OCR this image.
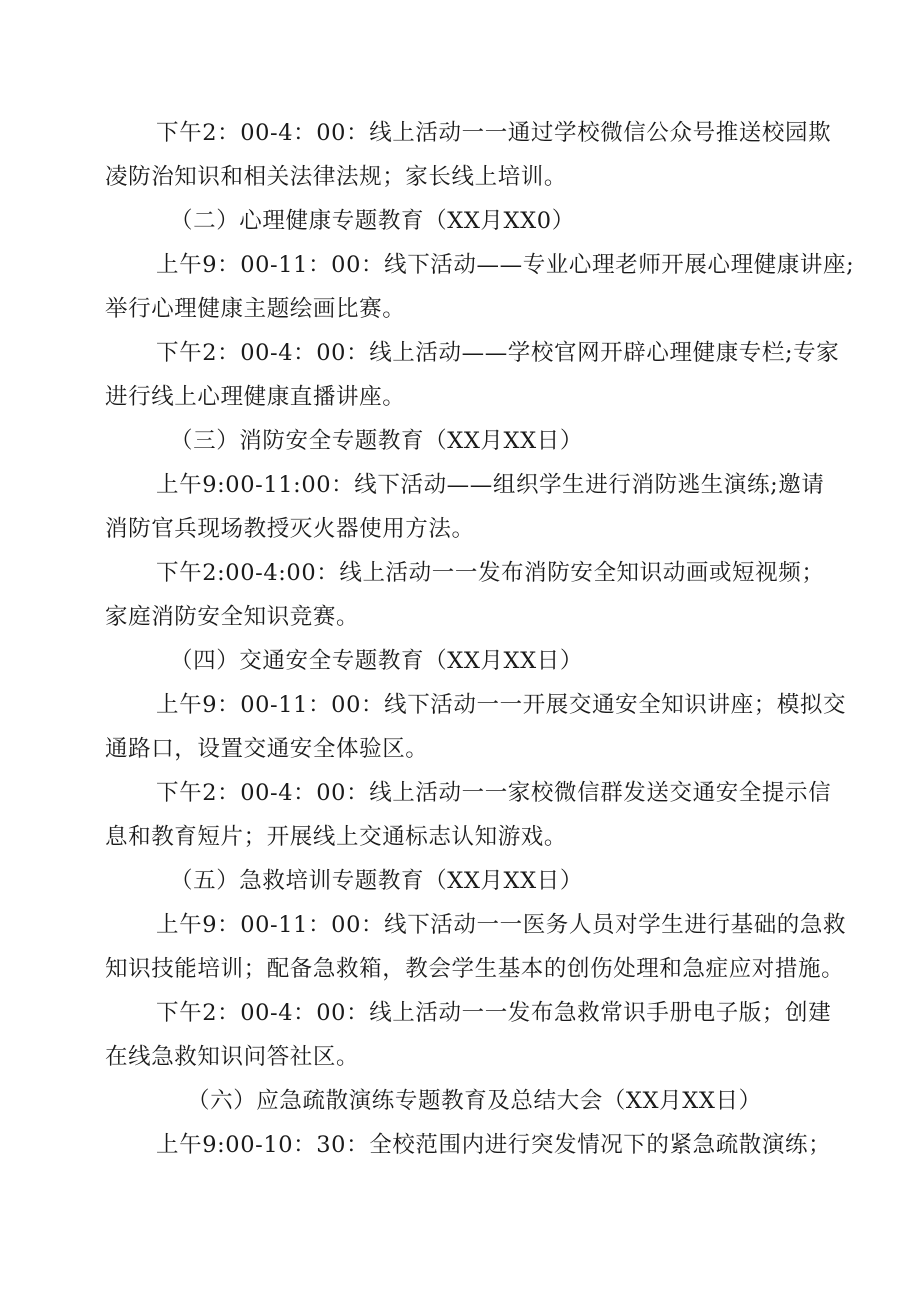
下午2：00-4：00：线上活动一一通过学校微信公众号推送校园欺
凌防治知识和相关法律法规；家长线上培训。
（二）心理健康专题教育（XX月XX0）
上午9：00-11：00：线下活动——专业心理老师开展心理健康讲座;
举行心理健康主题绘画比赛。
下午2：00-4：00：线上活动——学校官网开辟心理健康专栏;专家
进行线上心理健康直播讲座。
（三）消防安全专题教育（XX月XX日）
上午9:00-11:00：线下活动——组织学生进行消防逃生演练;邀请
消防官兵现场教授灭火器使用方法。
下午2:00-4:00：线上活动一一发布消防安全知识动画或短视频；
家庭消防安全知识竞赛。
（四）交通安全专题教育（XX月XX日）
上午9：00-11：00：线下活动一一开展交通安全知识讲座；模拟交
通路口，设置交通安全体验区。
下午2：00-4：00：线上活动一一家校微信群发送交通安全提示信
息和教育短片；开展线上交通标志认知游戏。
（五）急救培训专题教育（XX月XX日）
上午9：00-11：00：线下活动一一医务人员对学生进行基础的急救
知识技能培训；配备急救箱，教会学生基本的创伤处理和急症应对措施。
下午2：00-4：00：线上活动一一发布急救常识手册电子版；创建
在线急救知识问答社区。
（六）应急疏散演练专题教育及总结大会（XX月XX日）
上午9:00-10：30：全校范围内进行突发情况下的紧急疏散演练；
